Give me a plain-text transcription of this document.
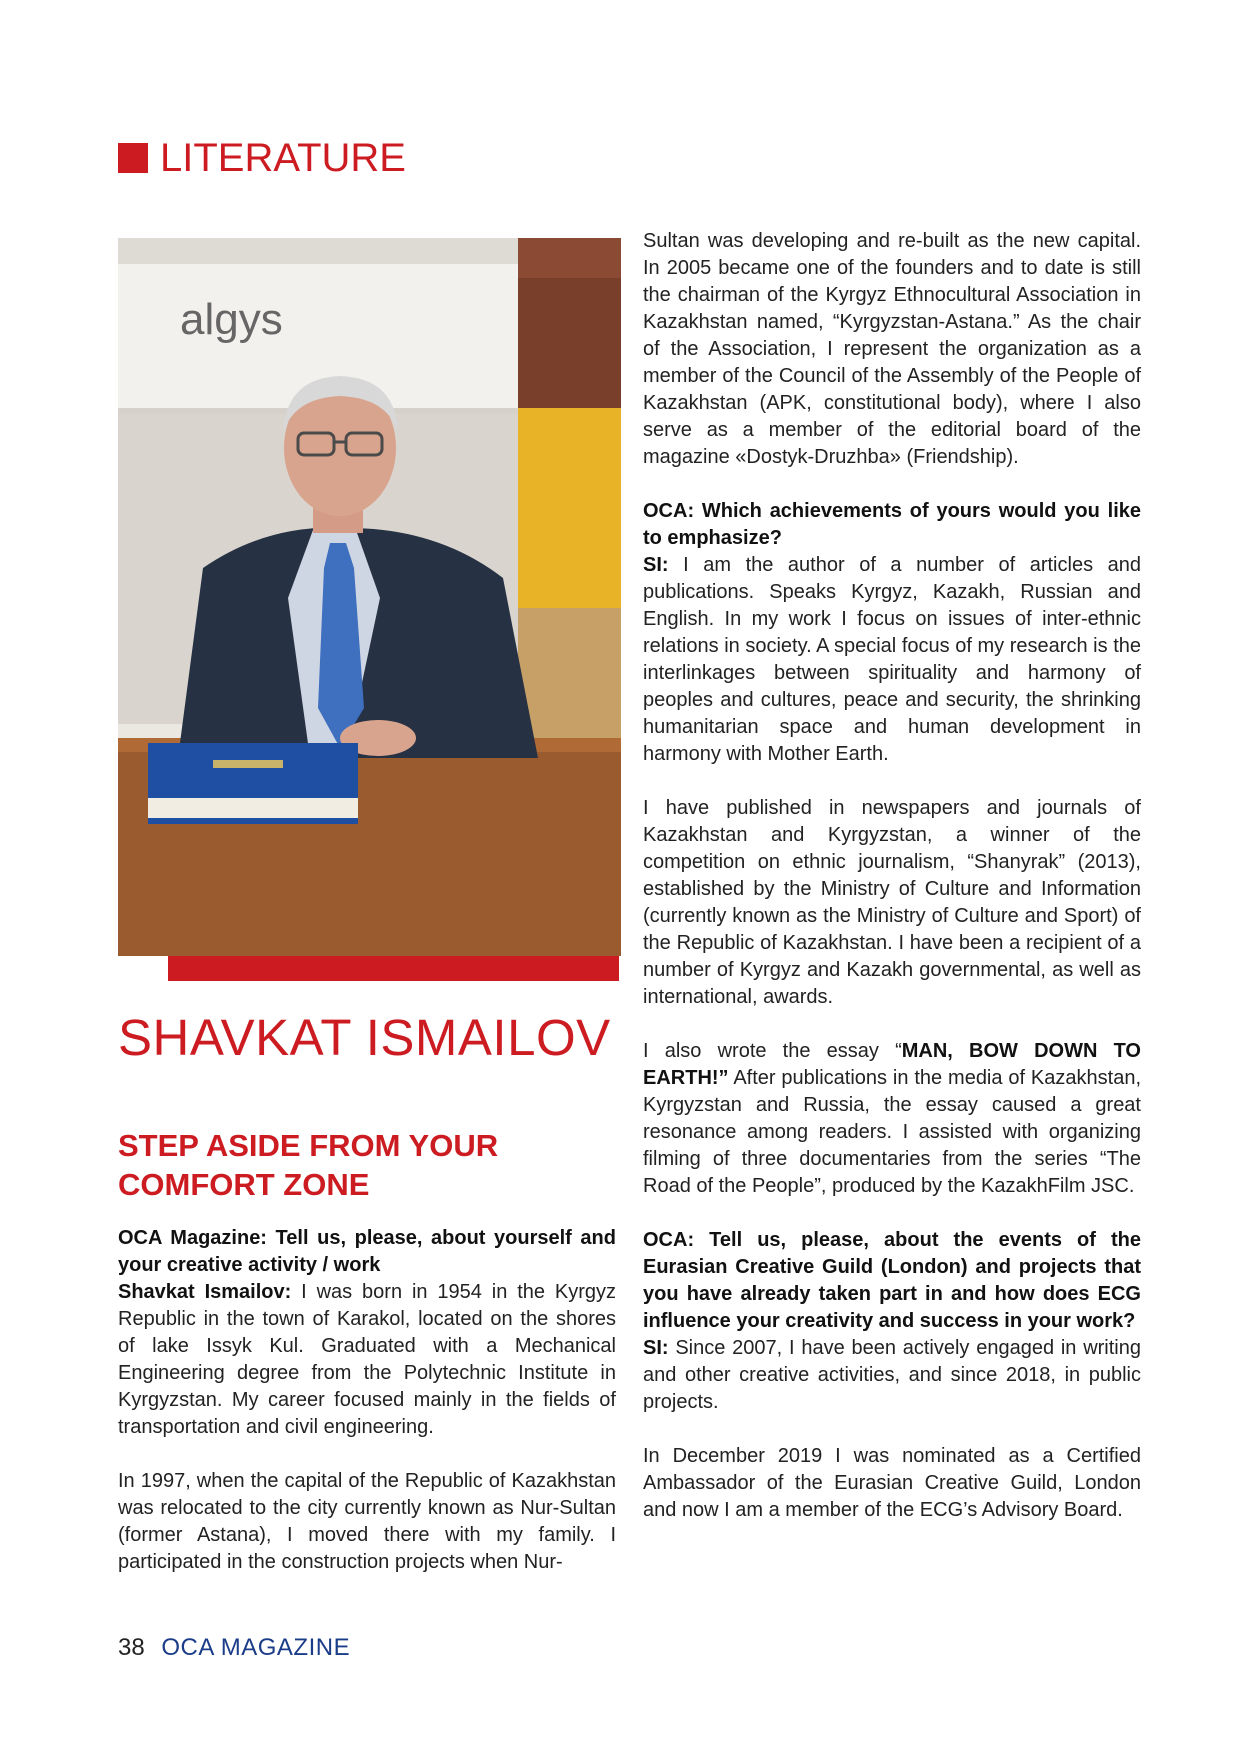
LITERATURE
algys
SHAVKAT ISMAILOV
STEP ASIDE FROM YOUR COMFORT ZONE

OCA Magazine: Tell us, please, about yourself and your creative activity / work

Shavkat Ismailov: I was born in 1954 in the Kyrgyz Republic in the town of Karakol, located on the shores of lake Issyk Kul. Graduated with a Mechanical Engineering degree from the Polytechnic Institute in Kyrgyzstan. My career focused mainly in the fields of transportation and civil engineering.

In 1997, when the capital of the Republic of Kazakhstan was relocated to the city currently known as Nur-Sultan (former Astana), I moved there with my family. I participated in the construction projects when Nur-

Sultan was developing and re-built as the new capital. In 2005 became one of the founders and to date is still the chairman of the Kyrgyz Ethnocultural Association in Kazakhstan named, “Kyrgyzstan-Astana.” As the chair of the Association, I represent the organization as a member of the Council of the Assembly of the People of Kazakhstan (APK, constitutional body), where I also serve as a member of the editorial board of the magazine «Dostyk-Druzhba» (Friendship).

OCA: Which achievements of yours would you like to emphasize?

SI: I am the author of a number of articles and publications. Speaks Kyrgyz, Kazakh, Russian and English. In my work I focus on issues of inter-ethnic relations in society. A special focus of my research is the interlinkages between spirituality and harmony of peoples and cultures, peace and security, the shrinking humanitarian space and human development in harmony with Mother Earth.

I have published in newspapers and journals of Kazakhstan and Kyrgyzstan, a winner of the competition on ethnic journalism, “Shanyrak” (2013), established by the Ministry of Culture and Information (currently known as the Ministry of Culture and Sport) of the Republic of Kazakhstan. I have been a recipient of a number of Kyrgyz and Kazakh governmental, as well as international, awards.

I also wrote the essay “MAN, BOW DOWN TO EARTH!” After publications in the media of Kazakhstan, Kyrgyzstan and Russia, the essay caused a great resonance among readers. I assisted with organizing filming of three documentaries from the series “The Road of the People”, produced by the KazakhFilm JSC.

OCA: Tell us, please, about the events of the Eurasian Creative Guild (London) and projects that you have already taken part in and how does ECG influence your creativity and success in your work?

SI: Since 2007, I have been actively engaged in writing and other creative activities, and since 2018, in public projects.

In December 2019 I was nominated as a Certified Ambassador of the Eurasian Creative Guild, London and now I am a member of the ECG’s Advisory Board.

38 OCA MAGAZINE
